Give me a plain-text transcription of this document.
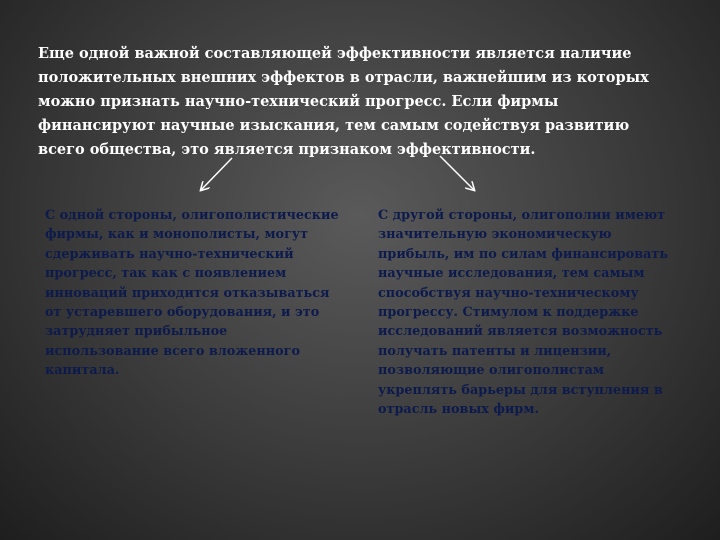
Еще одной важной составляющей эффективности является наличие положительных внешних эффектов в отрасли, важнейшим из которых можно признать научно-технический прогресс. Если фирмы финансируют научные изыскания, тем самым содействуя развитию всего общества, это является признаком эффективности.

С одной стороны, олигополистические фирмы, как и монополисты, могут сдерживать научно-технический прогресс, так как с появлением инноваций приходится отказываться от устаревшего оборудования, и это затрудняет прибыльное использование всего вложенного капитала.

С другой стороны, олигополии имеют значительную экономическую прибыль, им по силам финансировать научные исследования, тем самым способствуя научно-техническому прогрессу. Стимулом к поддержке исследований является возможность получать патенты и лицензии, позволяющие олигополистам укреплять барьеры для вступления в отрасль новых фирм.
